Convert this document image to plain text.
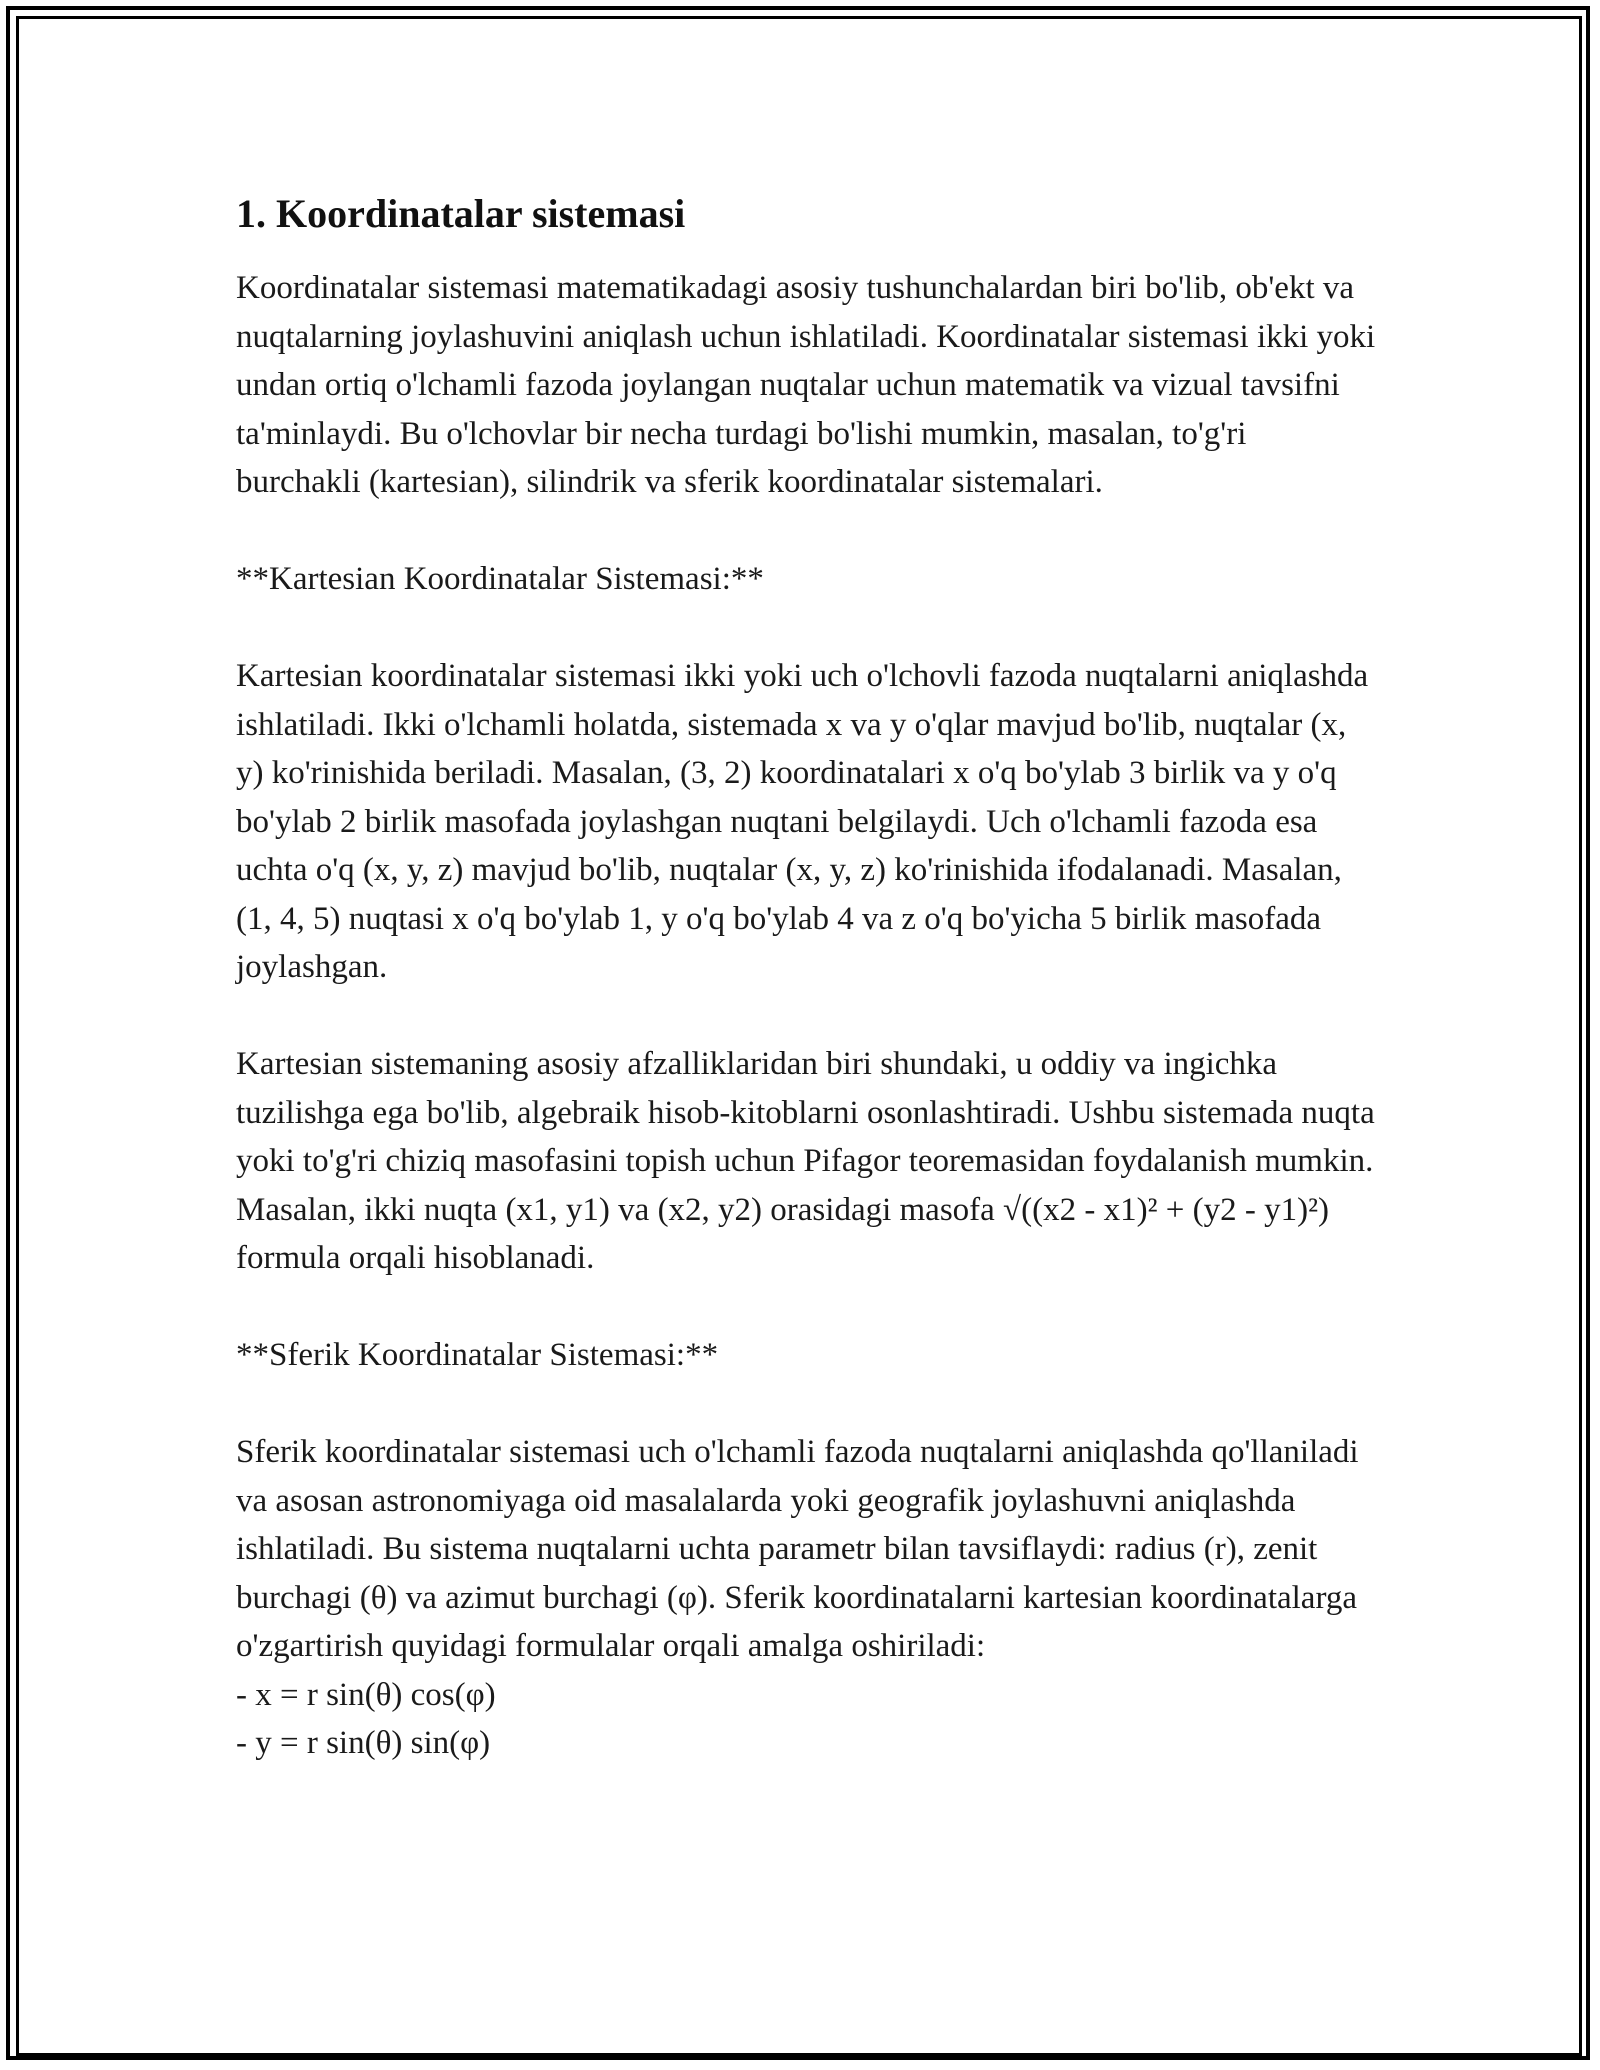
1. Koordinatalar sistemasi

Koordinatalar sistemasi matematikadagi asosiy tushunchalardan biri bo'lib, ob'ekt va nuqtalarning joylashuvini aniqlash uchun ishlatiladi. Koordinatalar sistemasi ikki yoki undan ortiq o'lchamli fazoda joylangan nuqtalar uchun matematik va vizual tavsifni ta'minlaydi. Bu o'lchovlar bir necha turdagi bo'lishi mumkin, masalan, to'g'ri burchakli (kartesian), silindrik va sferik koordinatalar sistemalari.

**Kartesian Koordinatalar Sistemasi:**

Kartesian koordinatalar sistemasi ikki yoki uch o'lchovli fazoda nuqtalarni aniqlashda ishlatiladi. Ikki o'lchamli holatda, sistemada x va y o'qlar mavjud bo'lib, nuqtalar (x, y) ko'rinishida beriladi. Masalan, (3, 2) koordinatalari x o'q bo'ylab 3 birlik va y o'q bo'ylab 2 birlik masofada joylashgan nuqtani belgilaydi. Uch o'lchamli fazoda esa uchta o'q (x, y, z) mavjud bo'lib, nuqtalar (x, y, z) ko'rinishida ifodalanadi. Masalan, (1, 4, 5) nuqtasi x o'q bo'ylab 1, y o'q bo'ylab 4 va z o'q bo'yicha 5 birlik masofada joylashgan.

Kartesian sistemaning asosiy afzalliklaridan biri shundaki, u oddiy va ingichka tuzilishga ega bo'lib, algebraik hisob-kitoblarni osonlashtiradi. Ushbu sistemada nuqta yoki to'g'ri chiziq masofasini topish uchun Pifagor teoremasidan foydalanish mumkin. Masalan, ikki nuqta (x1, y1) va (x2, y2) orasidagi masofa √((x2 - x1)² + (y2 - y1)²) formula orqali hisoblanadi.

**Sferik Koordinatalar Sistemasi:**

Sferik koordinatalar sistemasi uch o'lchamli fazoda nuqtalarni aniqlashda qo'llaniladi va asosan astronomiyaga oid masalalarda yoki geografik joylashuvni aniqlashda ishlatiladi. Bu sistema nuqtalarni uchta parametr bilan tavsiflaydi: radius (r), zenit burchagi (θ) va azimut burchagi (φ). Sferik koordinatalarni kartesian koordinatalarga o'zgartirish quyidagi formulalar orqali amalga oshiriladi:

- x = r sin(θ) cos(φ)

- y = r sin(θ) sin(φ)
